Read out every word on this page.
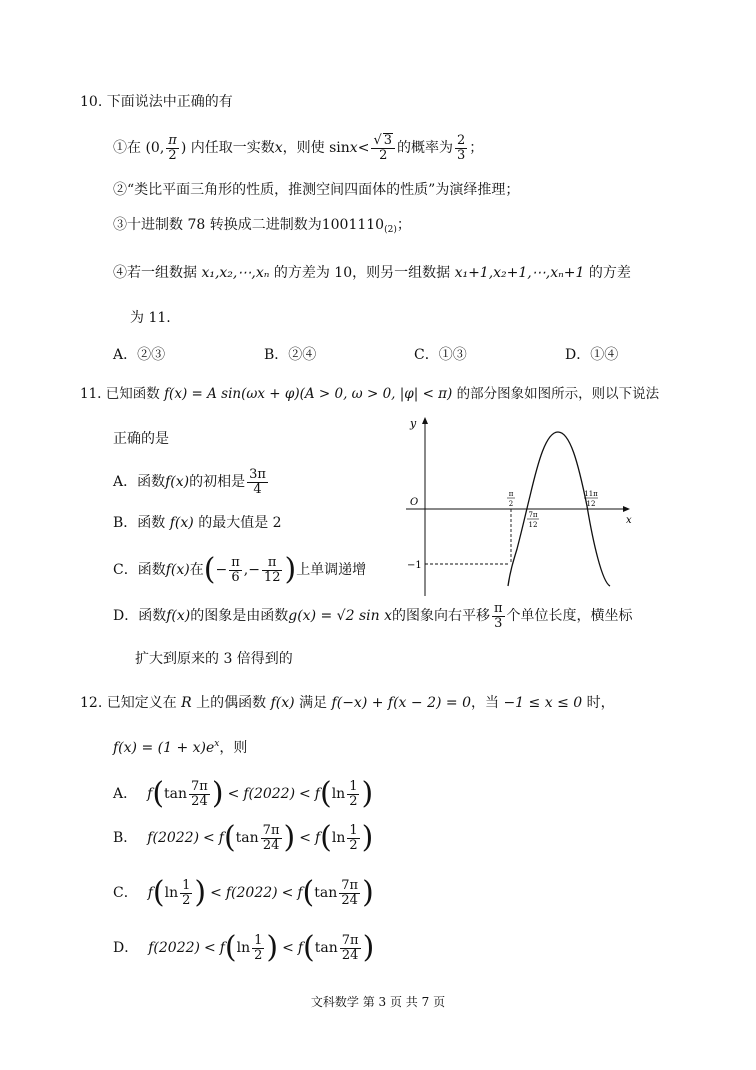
10. 下面说法中正确的有
①在 (0, $\frac{\pi}{2}$ ) 内任取一实数 x ，则使 $\sin x < \frac{√ 3}{2}$ 的概率为 $\frac{2}{3}$ ；
②“类比平面三角形的性质，推测空间四面体的性质”为演绎推理；
③十进制数 78 转换成二进制数为$1001110_{(2)}$；
④若一组数据 x₁,x₂,⋯,xₙ 的方差为 10，则另一组数据 x₁+1,x₂+1,⋯,xₙ+1 的方差
为 11.
A．②③	B．②④	C．①③	D．①④
11. 已知函数 f(x) = A sin(ωx + φ)(A > 0, ω > 0, |φ| < π) 的部分图象如图所示，则以下说法
正确的是
A．函数 f(x) 的初相是 $\frac{3\pi}{4}$
B．函数 f(x) 的最大值是 2
C．函数 f(x) 在 ( − $\frac{\pi}{6}$ , − $\frac{\pi}{12}$ ) 上单调递增
D．函数 f(x) 的图象是由函数 g(x) = √2 sin x 的图象向右平移 $\frac{\pi}{3}$ 个单位长度，横坐标
扩大到原来的 3 倍得到的
y
x
O
−1
π
2
7π
12
11π
12
12. 已知定义在 R 上的偶函数 f(x) 满足 f(−x) + f(x − 2) = 0，当 −1 ≤ x ≤ 0 时，
$f(x) = (1 + x)e^x$，则
A． f ( $\tan \frac{7\pi}{24}$ ) < f(2022) < f ( $\ln \frac{1}{2}$ )
B． f(2022) < f ( $\tan \frac{7\pi}{24}$ ) < f ( $\ln \frac{1}{2}$ )
C． f ( $\ln \frac{1}{2}$ ) < f(2022) < f ( $\tan \frac{7\pi}{24}$ )
D． f(2022) < f ( $\ln \frac{1}{2}$ ) < f ( $\tan \frac{7\pi}{24}$ )
文科数学 第 3 页 共 7 页
